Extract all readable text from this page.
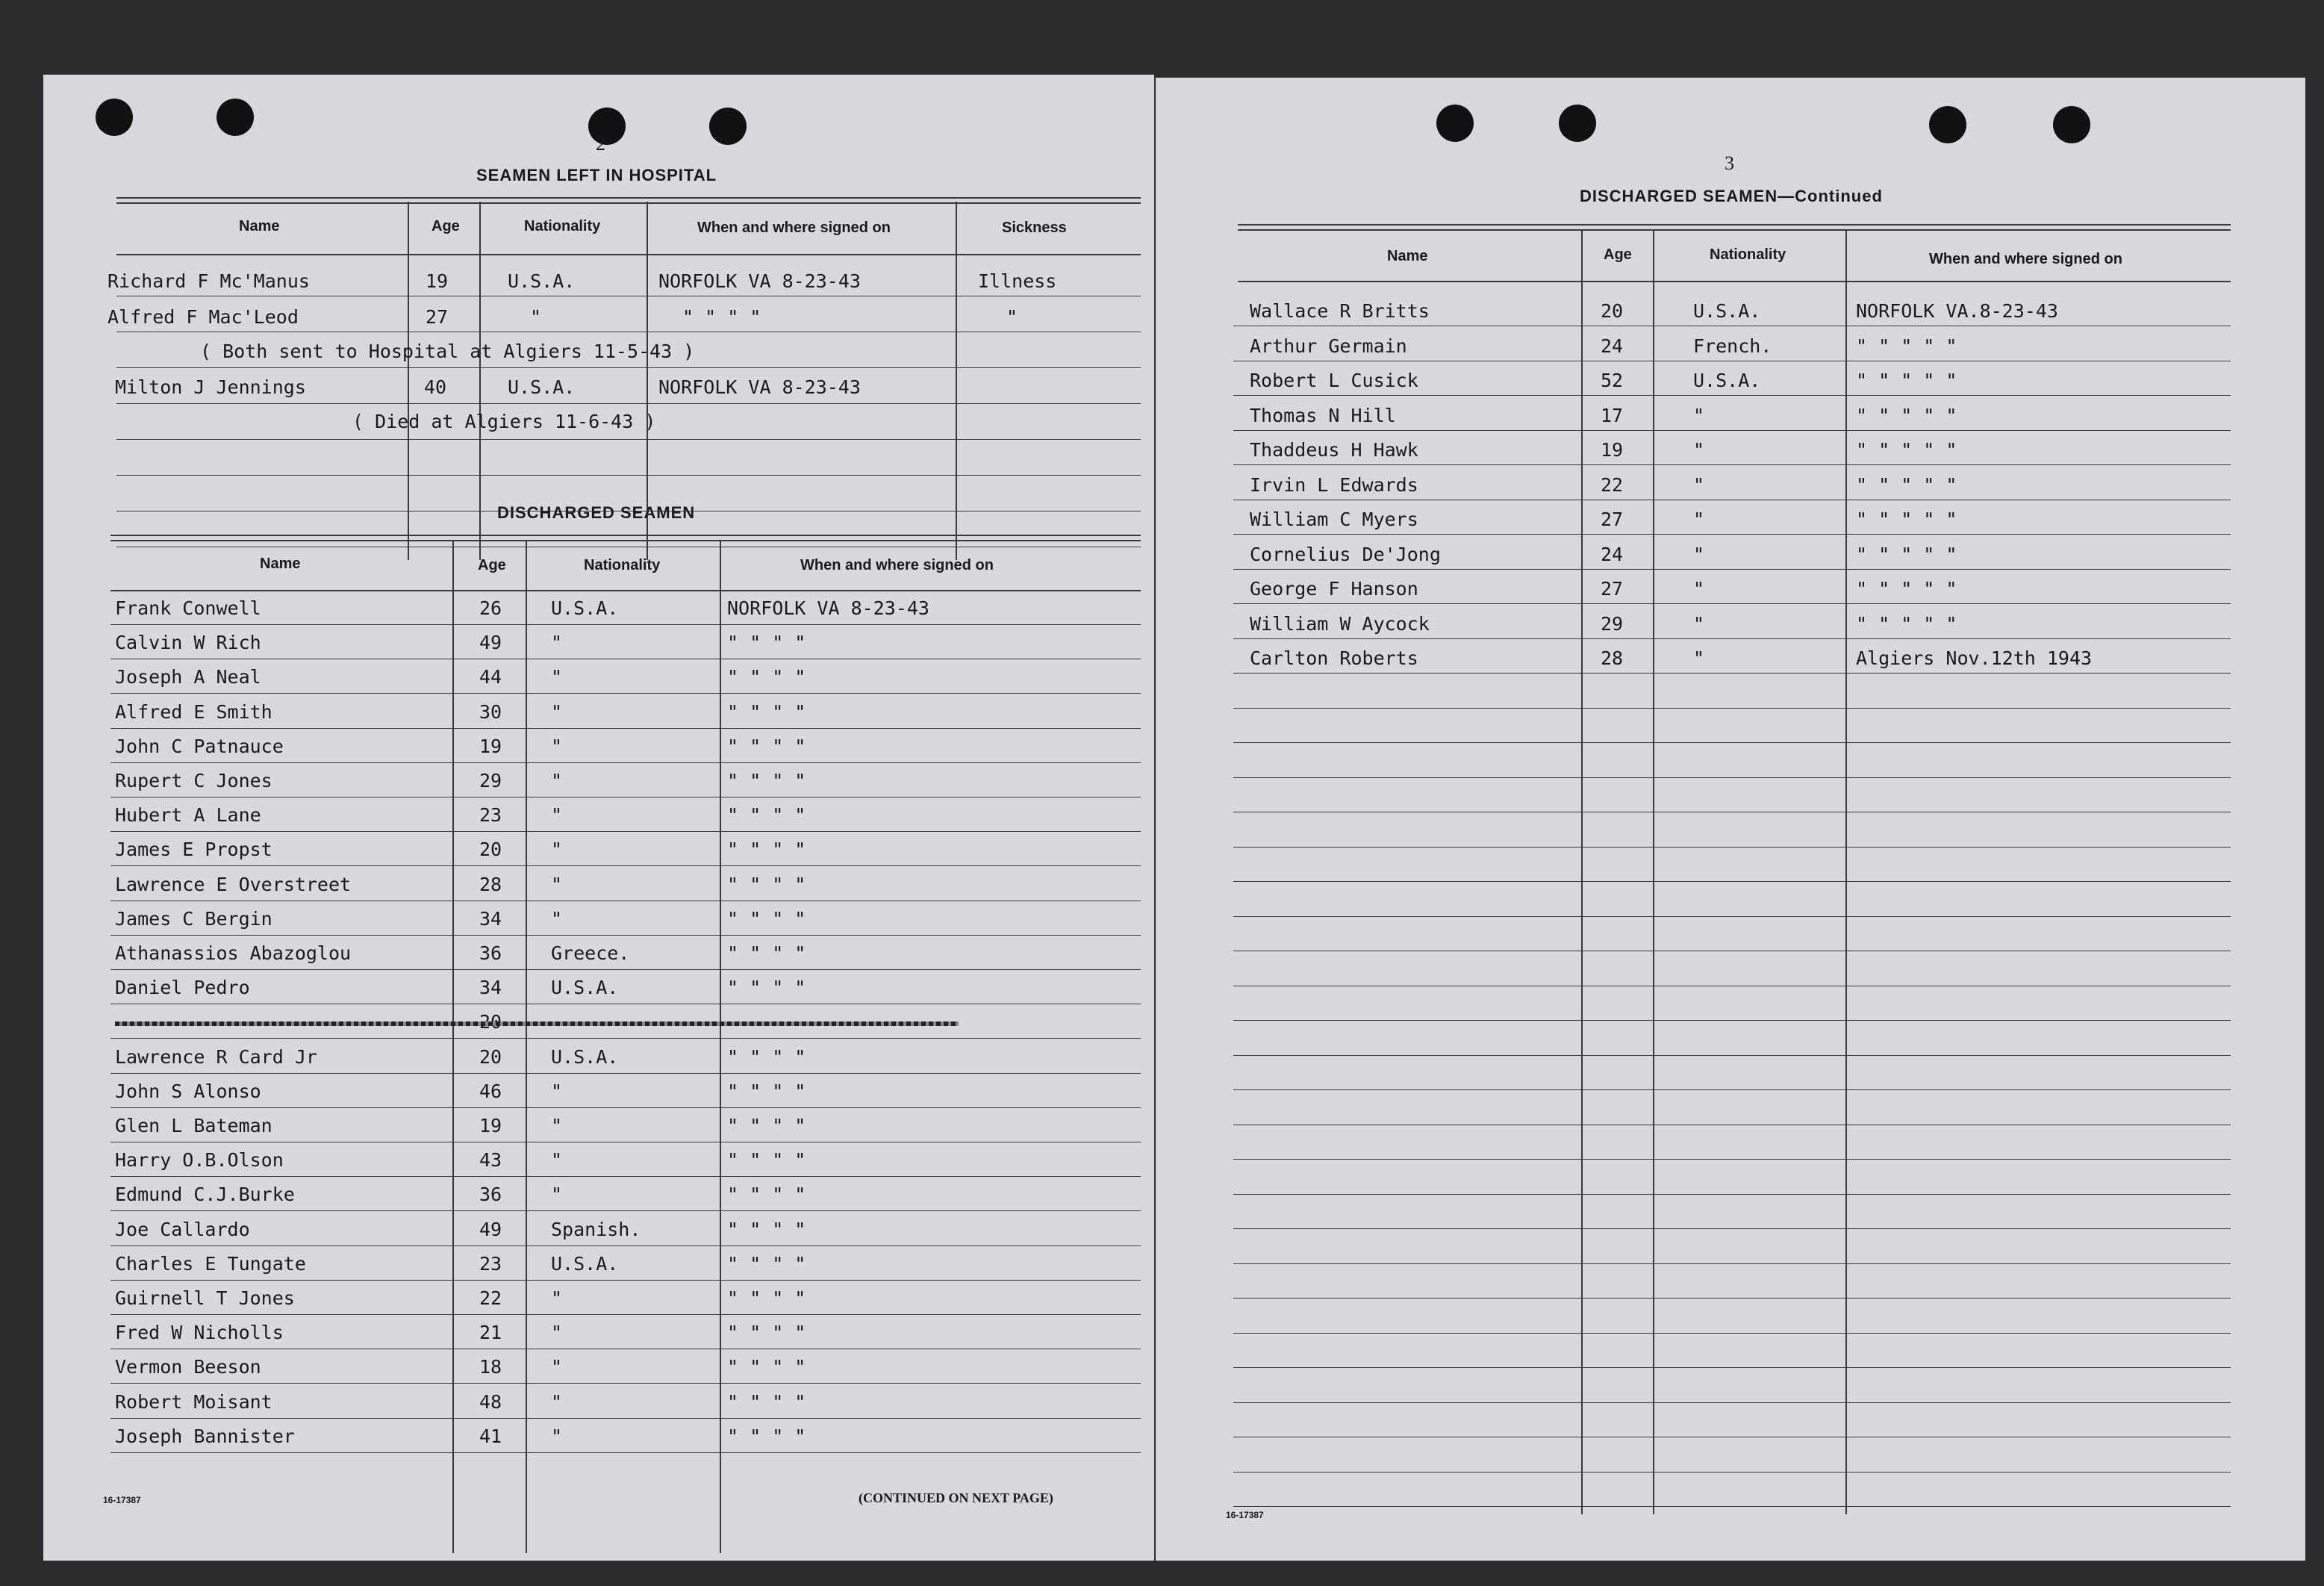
2
SEAMEN LEFT IN HOSPITAL
Name	Age	Nationality	When and where signed on	Sickness
Richard F Mc'Manus	19	U.S.A.	NORFOLK VA 8-23-43	Illness
Alfred F Mac'Leod	27	"	" " " "	"
( Both sent to Hospital at Algiers 11-5-43 )
Milton J Jennings	40	U.S.A.	NORFOLK VA 8-23-43
( Died at Algiers 11-6-43 )
DISCHARGED SEAMEN
Name	Age	Nationality	When and where signed on
Frank Conwell	26	U.S.A.	NORFOLK VA 8-23-43
Calvin W Rich	49	"	" " " "
Joseph A Neal	44	"	" " " "
Alfred E Smith	30	"	" " " "
John C Patnauce	19	"	" " " "
Rupert C Jones	29	"	" " " "
Hubert A Lane	23	"	" " " "
James E Propst	20	"	" " " "
Lawrence E Overstreet	28	"	" " " "
James C Bergin	34	"	" " " "
Athanassios Abazoglou	36	Greece.	" " " "
Daniel Pedro	34	U.S.A.	" " " "
Lawrence R Card Jr	20	U.S.A.	" " " "
John S Alonso	46	"	" " " "
Glen L Bateman	19	"	" " " "
Harry O.B.Olson	43	"	" " " "
Edmund C.J.Burke	36	"	" " " "
Joe Callardo	49	Spanish.	" " " "
Charles E Tungate	23	U.S.A.	" " " "
Guirnell T Jones	22	"	" " " "
Fred W Nicholls	21	"	" " " "
Vermon Beeson	18	"	" " " "
Robert Moisant	48	"	" " " "
Joseph Bannister	41	"	" " " "
16-17387	(CONTINUED ON NEXT PAGE)
3
DISCHARGED SEAMEN—Continued
Name	Age	Nationality	When and where signed on
Wallace R Britts	20	U.S.A.	NORFOLK VA.8-23-43
Arthur Germain	24	French.	" " " " "
Robert L Cusick	52	U.S.A.	" " " " "
Thomas N Hill	17	"	" " " " "
Thaddeus H Hawk	19	"	" " " " "
Irvin L Edwards	22	"	" " " " "
William C Myers	27	"	" " " " "
Cornelius De'Jong	24	"	" " " " "
George F Hanson	27	"	" " " " "
William W Aycock	29	"	" " " " "
Carlton Roberts	28	"	Algiers Nov.12th 1943
16-17387
